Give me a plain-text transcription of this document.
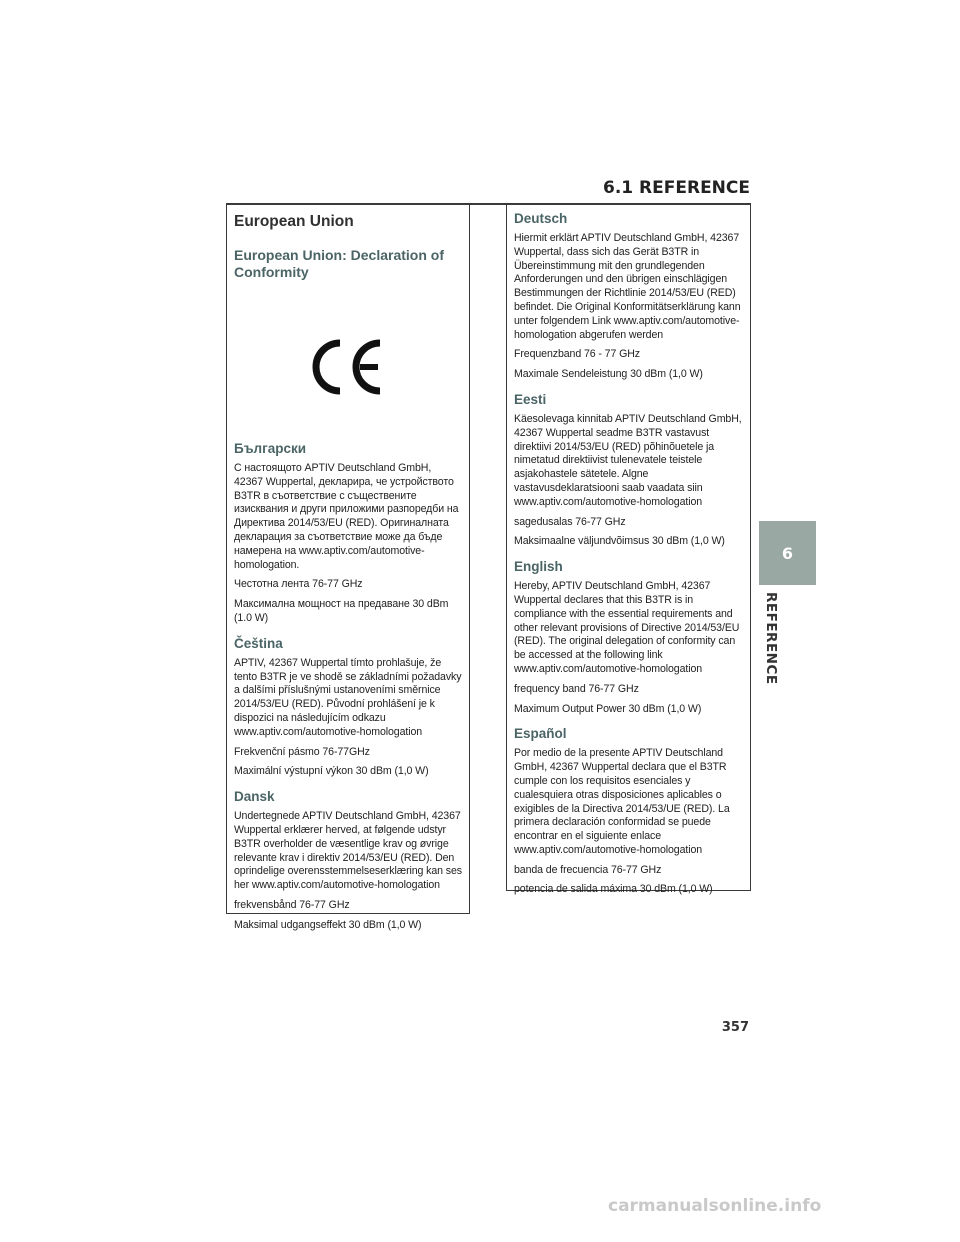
6.1 REFERENCE
European Union
European Union: Declaration of Conformity
Български

С настоящото APTIV Deutschland GmbH, 42367 Wuppertal, декларира, че устройството B3TR в съответствие с съществените изисквания и други приложими разпоредби на Директива 2014/53/EU (RED). Оригиналната декларация за съответствие може да бъде намерена на www.aptiv.com/automotive-homologation.

Честотна лента 76-77 GHz

Максимална мощност на предаване 30 dBm (1.0 W)

Čeština

APTIV, 42367 Wuppertal tímto prohlašuje, že tento B3TR je ve shodě se základními požadavky a dalšími příslušnými ustanoveními směrnice 2014/53/EU (RED). Původní prohlášení je k dispozici na následujícím odkazu www.aptiv.com/automotive-homologation

Frekvenční pásmo 76-77GHz

Maximální výstupní výkon 30 dBm (1,0 W)

Dansk

Undertegnede APTIV Deutschland GmbH, 42367 Wuppertal erklærer herved, at følgende udstyr B3TR overholder de væsentlige krav og øvrige relevante krav i direktiv 2014/53/EU (RED). Den oprindelige overensstemmelseserklæring kan ses her www.aptiv.com/automotive-homologation

frekvensbånd 76-77 GHz

Maksimal udgangseffekt 30 dBm (1,0 W)

Deutsch

Hiermit erklärt APTIV Deutschland GmbH, 42367 Wuppertal, dass sich das Gerät B3TR in Übereinstimmung mit den grundlegenden Anforderungen und den übrigen einschlägigen Bestimmungen der Richtlinie 2014/53/EU (RED) befindet. Die Original Konformitätserklärung kann unter folgendem Link www.aptiv.com/automotive-homologation abgerufen werden

Frequenzband 76 - 77 GHz

Maximale Sendeleistung 30 dBm (1,0 W)

Eesti

Käesolevaga kinnitab APTIV Deutschland GmbH, 42367 Wuppertal seadme B3TR vastavust direktiivi 2014/53/EU (RED) põhinõuetele ja nimetatud direktiivist tulenevatele teistele asjakohastele sätetele. Algne vastavusdeklaratsiooni saab vaadata siin www.aptiv.com/automotive-homologation

sagedusalas 76-77 GHz

Maksimaalne väljundvõimsus 30 dBm (1,0 W)

English

Hereby, APTIV Deutschland GmbH, 42367 Wuppertal declares that this B3TR is in compliance with the essential requirements and other relevant provisions of Directive 2014/53/EU (RED). The original delegation of conformity can be accessed at the following link www.aptiv.com/automotive-homologation

frequency band 76-77 GHz

Maximum Output Power 30 dBm (1,0 W)

Español

Por medio de la presente APTIV Deutschland GmbH, 42367 Wuppertal declara que el B3TR cumple con los requisitos esenciales y cualesquiera otras disposiciones aplicables o exigibles de la Directiva 2014/53/UE (RED). La primera declaración conformidad se puede encontrar en el siguiente enlace www.aptiv.com/automotive-homologation

banda de frecuencia 76-77 GHz

potencia de salida máxima 30 dBm (1,0 W)

6
REFERENCE
357
carmanualsonline.info
